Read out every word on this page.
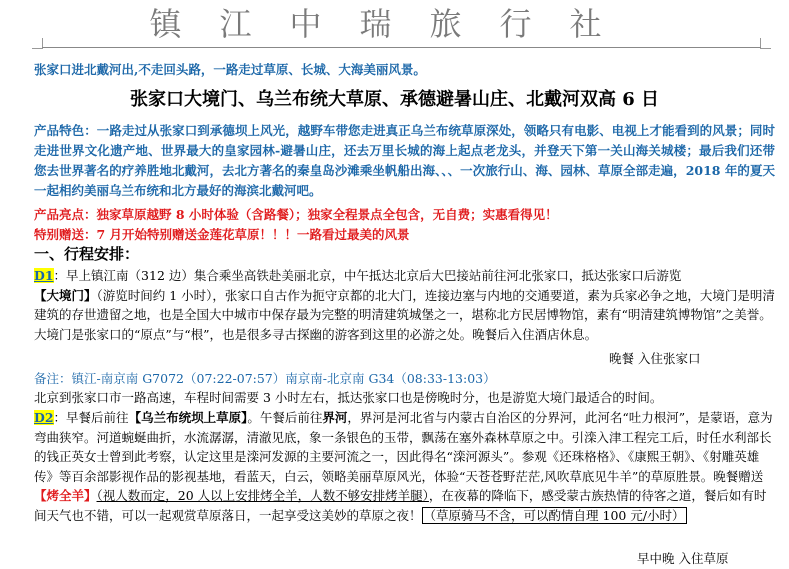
镇江中瑞旅行社
张家口进北戴河出,不走回头路，一路走过草原、长城、大海美丽风景。
张家口大境门、乌兰布统大草原、承德避暑山庄、北戴河双高 6 日
产品特色：一路走过从张家口到承德坝上风光，越野车带您走进真正乌兰布统草原深处，领略只有电影、电视上才能看到的风景；同时走进世界文化遗产地、世界最大的皇家园林-避暑山庄，还去万里长城的海上起点老龙头，并登天下第一关山海关城楼；最后我们还带您去世界著名的疗养胜地北戴河，去北方著名的秦皇岛沙滩乘坐帆船出海、、、一次旅行山、海、园林、草原全部走遍，2018 年的夏天一起相约美丽乌兰布统和北方最好的海滨北戴河吧。
产品亮点：独家草原越野 8 小时体验（含路餐）；独家全程景点全包含，无自费；实惠看得见！
特别赠送：7 月开始特别赠送金莲花草原！！！一路看过最美的风景
一、行程安排：
D1：早上镇江南（312 边）集合乘坐高铁赴美丽北京，中午抵达北京后大巴接站前往河北张家口，抵达张家口后游览
【大境门】（游览时间约 1 小时），张家口自古作为扼守京都的北大门，连接边塞与内地的交通要道，素为兵家必争之地，大境门是明清建筑的存世遗留之地，也是全国大中城市中保存最为完整的明清建筑城堡之一，堪称北方民居博物馆，素有“明清建筑博物馆”之美誉。大境门是张家口的“原点”与“根”，也是很多寻古探幽的游客到这里的必游之处。晚餐后入住酒店休息。
晚餐 入住张家口
备注：镇江-南京南 G7072（07:22-07:57）南京南-北京南 G34（08:33-13:03）
北京到张家口市一路高速，车程时间需要 3 小时左右，抵达张家口也是傍晚时分，也是游览大境门最适合的时间。
D2：早餐后前往【乌兰布统坝上草原】。午餐后前往界河，界河是河北省与内蒙古自治区的分界河，此河名“吐力根河”，是蒙语，意为弯曲狭窄。河道蜿蜒曲折，水流潺潺，清澈见底，象一条银色的玉带，飘荡在塞外森林草原之中。引滦入津工程完工后，时任水利部长的钱正英女士曾到此考察，认定这里是滦河发源的主要河流之一，因此得名“滦河源头”。参观《还珠格格》、《康熙王朝》、《射雕英雄传》等百余部影视作品的影视基地，看蓝天，白云，领略美丽草原风光，体验“天苍苍野茫茫,风吹草底见牛羊”的草原胜景。晚餐赠送【烤全羊】（视人数而定，20 人以上安排烤全羊，人数不够安排烤羊腿），在夜幕的降临下，感受蒙古族热情的待客之道，餐后如有时间天气也不错，可以一起观赏草原落日，一起享受这美妙的草原之夜！ （草原骑马不含，可以酌情自理 100 元/小时）
早中晚 入住草原
